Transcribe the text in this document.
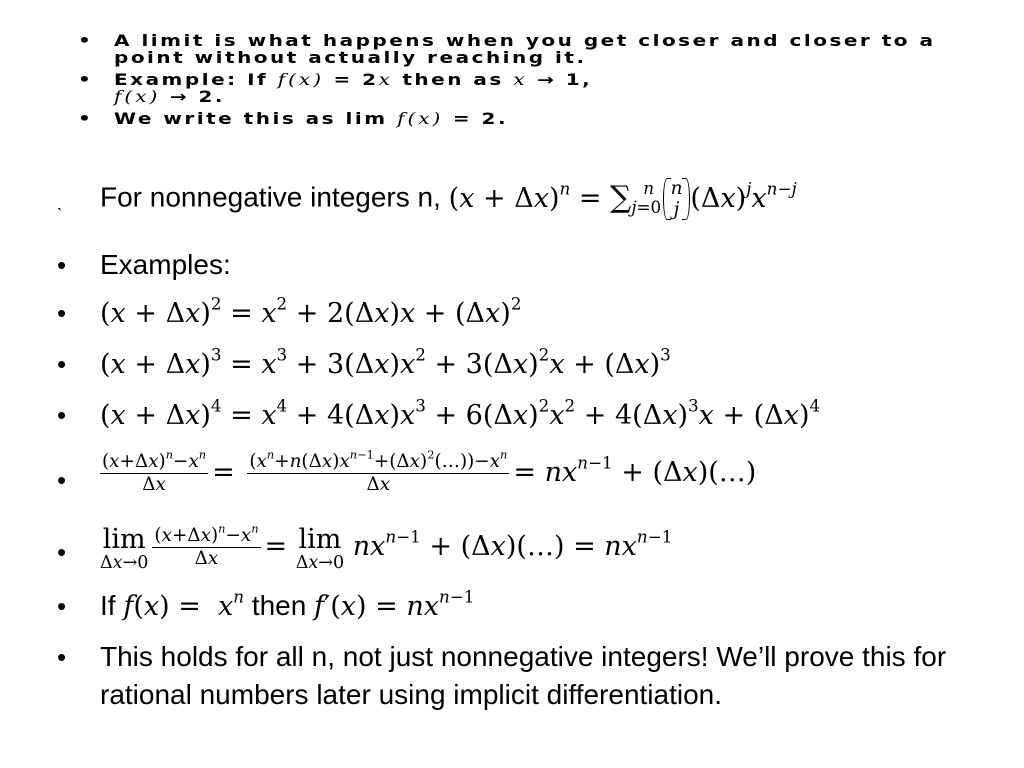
• A limit is what happens when you get closer and closer to a point without actually reaching it.
• Example: If f(x) = 2x then as x → 1,
f(x) → 2.
• We write this as lim f(x) = 2.
ˎ For nonnegative integers n, $(x + \Delta x)^n = \sum_{j=0}^n$ n
j $(\Delta x)^jx^{n-j}$
• Examples:
• $(x + \Delta x)^2 = x^2 + 2(\Delta x)x + (\Delta x)^2$
• $(x + \Delta x)^3 = x^3 + 3(\Delta x)x^2 + 3(\Delta x)^2x + (\Delta x)^3$
• $(x + \Delta x)^4 = x^4 + 4(\Delta x)x^3 + 6(\Delta x)^2x^2 + 4(\Delta x)^3x + (\Delta x)^4$
• $\frac{(x+\Delta x)^n-x^n}{\Delta x} = \frac{(x^n+n(\Delta x)x^{n-1}+(\Delta x)^2(\dots))-x^n}{\Delta x} = nx^{n-1}$ + (Δx)(…)
• lim
$\Delta x\to 0 \frac{(x+\Delta x)^n-x^n}{\Delta x} = \lim$
Δx→0
$nx^{n-1}$ + (Δx)(…) = $nx^{n-1}$
• If $f(x) = x^n$ then $f'(x) = nx^{n-1}$
• This holds for all n, not just nonnegative integers! We’ll prove this for rational numbers later using implicit differentiation.
